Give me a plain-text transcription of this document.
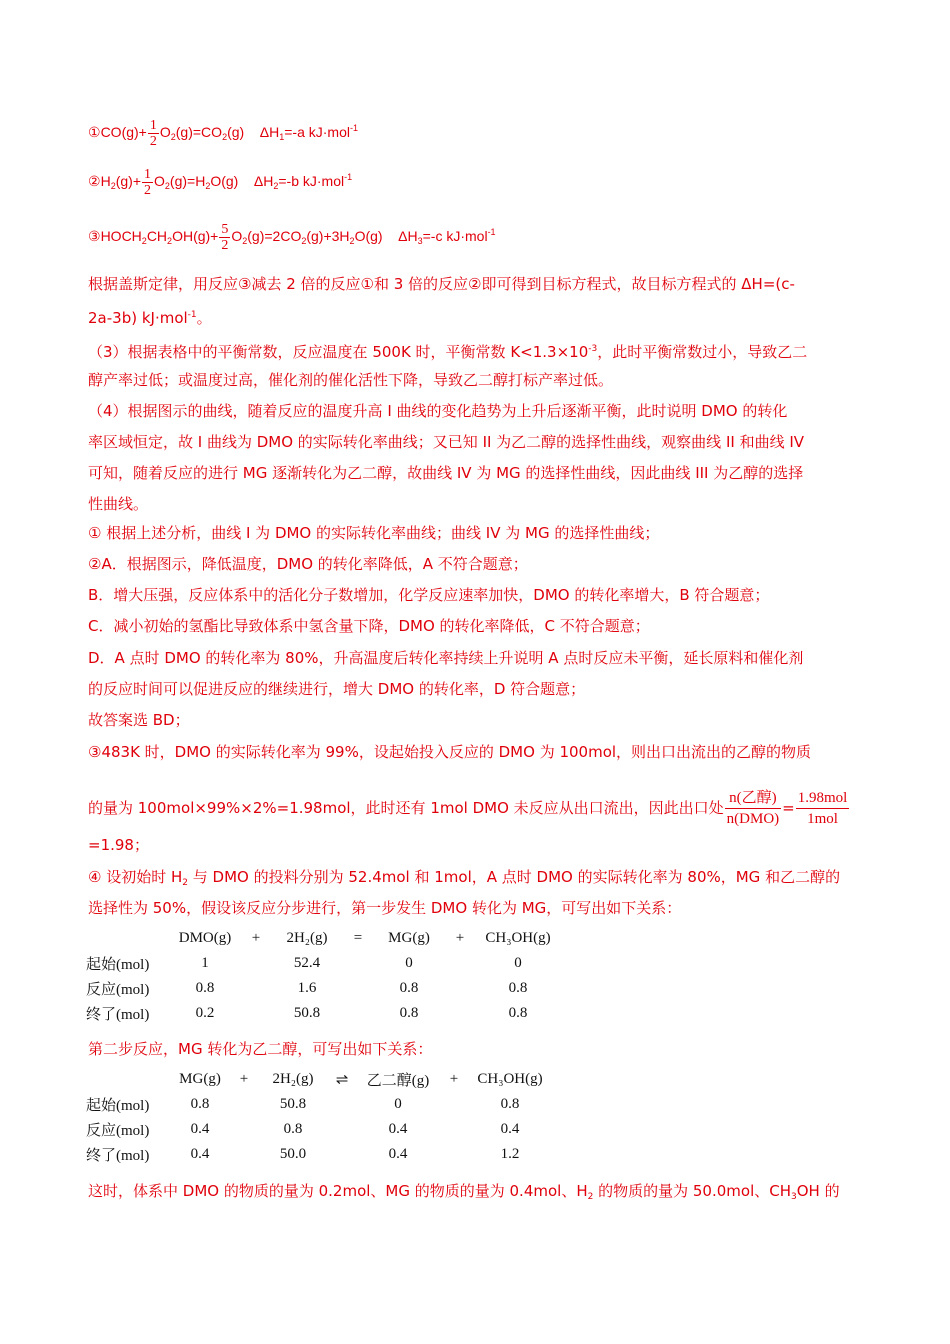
①CO(g)+ $\frac{1}{2} O_2(g)=CO_2(g)$ $\Delta H_1=-a$ kJ·mol$^{-1}$
$②H_2(g)+ \frac{1}{2} O_2(g)=H_2O(g)$ $\Delta H_2=-b$ kJ·mol$^{-1}$
$③HOCH_2CH_2OH(g)+ \frac{5}{2} O_2(g)=2CO_2(g)+3H_2O(g)$ $\Delta H_3=-c$ kJ·mol$^{-1}$
根据盖斯定律，用反应③减去 2 倍的反应①和 3 倍的反应②即可得到目标方程式，故目标方程式的 ΔH=(c-
2a-3b) kJ·mol$^{-1}$。
（3）根据表格中的平衡常数，反应温度在 500K 时，平衡常数 $K<1.3\times 10^{-3}$，此时平衡常数过小，导致乙二
醇产率过低；或温度过高，催化剂的催化活性下降，导致乙二醇打标产率过低。
（4）根据图示的曲线，随着反应的温度升高 I 曲线的变化趋势为上升后逐渐平衡，此时说明 DMO 的转化
率区域恒定，故 I 曲线为 DMO 的实际转化率曲线；又已知 II 为乙二醇的选择性曲线，观察曲线 II 和曲线 IV
可知，随着反应的进行 MG 逐渐转化为乙二醇，故曲线 IV 为 MG 的选择性曲线，因此曲线 III 为乙醇的选择
性曲线。
① 根据上述分析，曲线 I 为 DMO 的实际转化率曲线；曲线 IV 为 MG 的选择性曲线；
②A．根据图示，降低温度，DMO 的转化率降低，A 不符合题意；
B．增大压强，反应体系中的活化分子数增加，化学反应速率加快，DMO 的转化率增大，B 符合题意；
C．减小初始的氢酯比导致体系中氢含量下降，DMO 的转化率降低，C 不符合题意；
D．A 点时 DMO 的转化率为 80%，升高温度后转化率持续上升说明 A 点时反应未平衡，延长原料和催化剂
的反应时间可以促进反应的继续进行，增大 DMO 的转化率，D 符合题意；
故答案选 BD；
③483K 时，DMO 的实际转化率为 99%，设起始投入反应的 DMO 为 100mol，则出口出流出的乙醇的物质
的量为 100mol×99%×2%=1.98mol，此时还有 1mol DMO 未反应从出口流出，因此出口处 $\frac{\text{n(乙醇)}}{\text{n(DMO)}} = \frac{\text{1.98mol}}{\text{1mol}}$
=1.98；
④ 设初始时 $H_2$ 与 DMO 的投料分别为 52.4mol 和 1mol，A 点时 DMO 的实际转化率为 80%，MG 和乙二醇的
选择性为 50%，假设该反应分步进行，第一步发生 DMO 转化为 MG，可写出如下关系：
	DMO(g)	+	2H₂(g)	=	MG(g)	+	CH₃OH(g)
起始(mol)	1		52.4		0		0
反应(mol)	0.8		1.6		0.8		0.8
终了(mol)	0.2		50.8		0.8		0.8
第二步反应，MG 转化为乙二醇，可写出如下关系：
	MG(g)	+	2H₂(g)	⇌	乙二醇(g)	+	CH₃OH(g)
起始(mol)	0.8		50.8		0		0.8
反应(mol)	0.4		0.8		0.4		0.4
终了(mol)	0.4		50.0		0.4		1.2
这时，体系中 DMO 的物质的量为 0.2mol、MG 的物质的量为 0.4mol、$H_2$ 的物质的量为 50.0mol、$CH_3OH$ 的
